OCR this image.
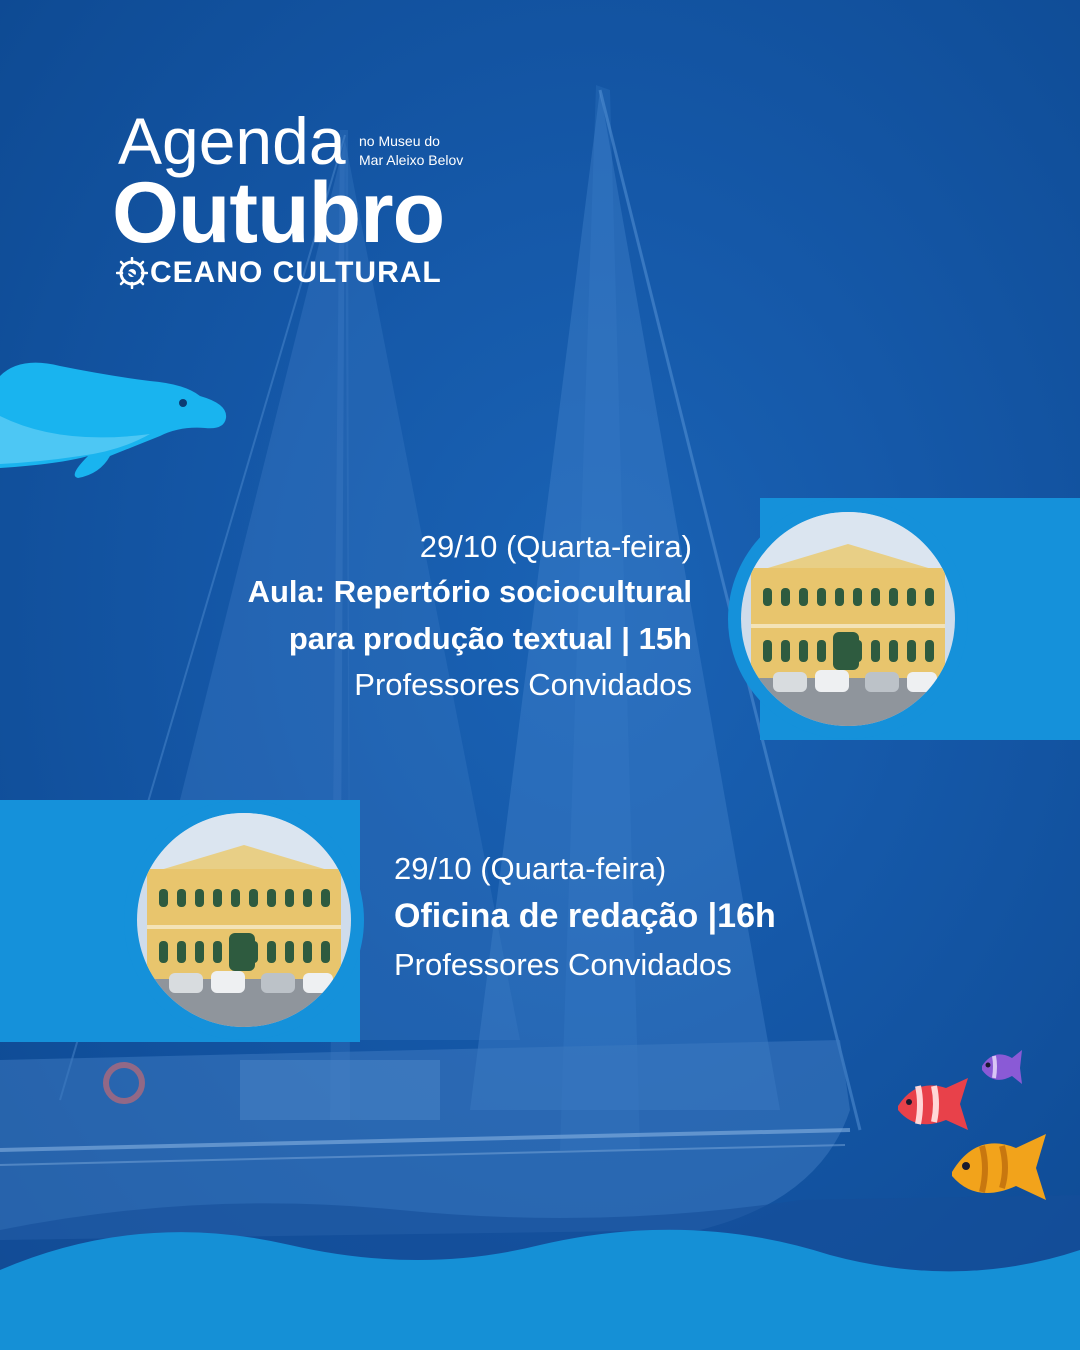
Agenda no Museu do
Mar Aleixo Belov
Outubro
CEANO CULTURAL
29/10 (Quarta-feira)
Aula: Repertório sociocultural
para produção textual | 15h
Professores Convidados
29/10 (Quarta-feira)
Oficina de redação |16h
Professores Convidados
